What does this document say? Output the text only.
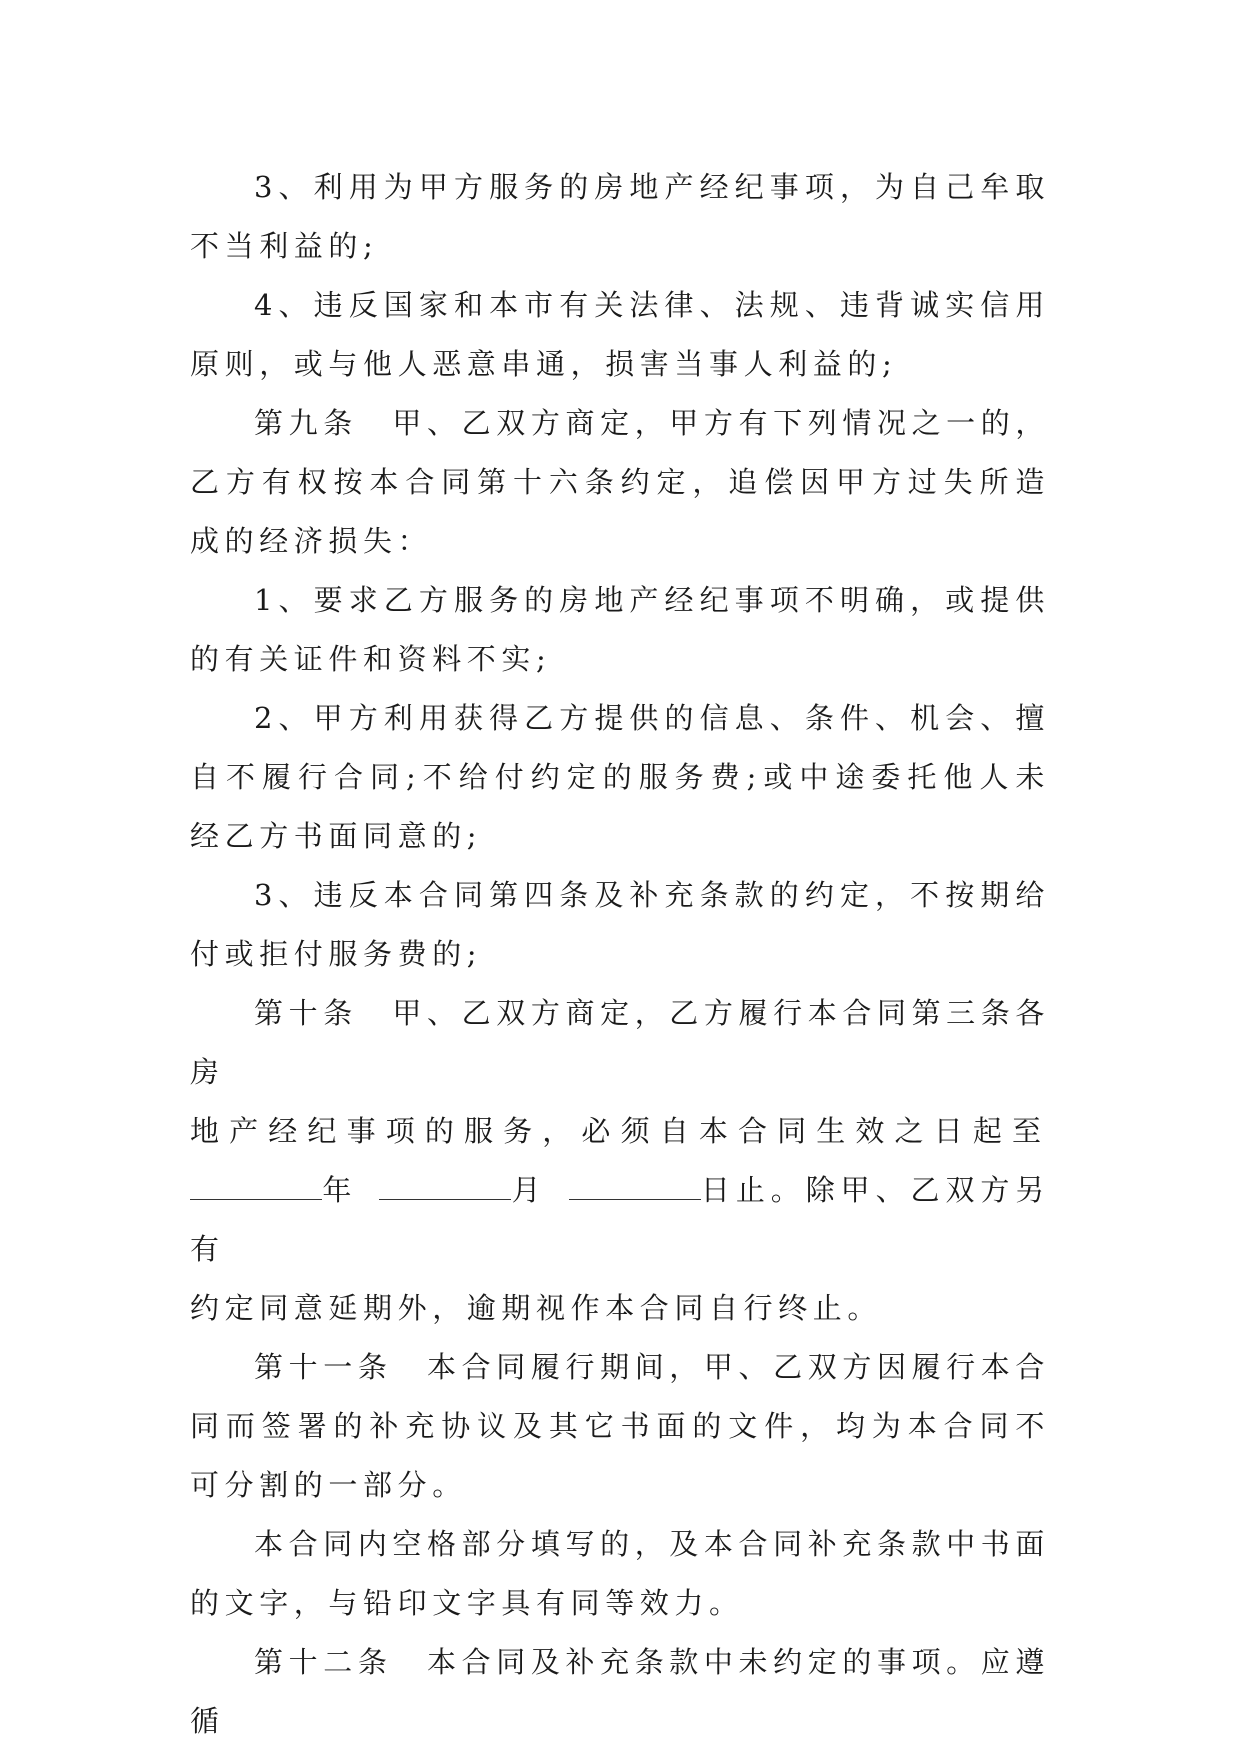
3、利用为甲方服务的房地产经纪事项，为自己牟取不当利益的;

4、违反国家和本市有关法律、法规、违背诚实信用原则，或与他人恶意串通，损害当事人利益的;

第九条　甲、乙双方商定，甲方有下列情况之一的，乙方有权按本合同第十六条约定，追偿因甲方过失所造成的经济损失：

1、要求乙方服务的房地产经纪事项不明确，或提供的有关证件和资料不实;

2、甲方利用获得乙方提供的信息、条件、机会、擅自不履行合同;不给付约定的服务费;或中途委托他人未经乙方书面同意的;

3、违反本合同第四条及补充条款的约定，不按期给付或拒付服务费的;

第十条　甲、乙双方商定，乙方履行本合同第三条各房

地产经纪事项的服务，必须自本合同生效之日起至

年	月	日止。除甲、乙双方另有

约定同意延期外，逾期视作本合同自行终止。

第十一条　本合同履行期间，甲、乙双方因履行本合同而签署的补充协议及其它书面的文件，均为本合同不可分割的一部分。

本合同内空格部分填写的，及本合同补充条款中书面的文字，与铅印文字具有同等效力。

第十二条　本合同及补充条款中未约定的事项。应遵循
